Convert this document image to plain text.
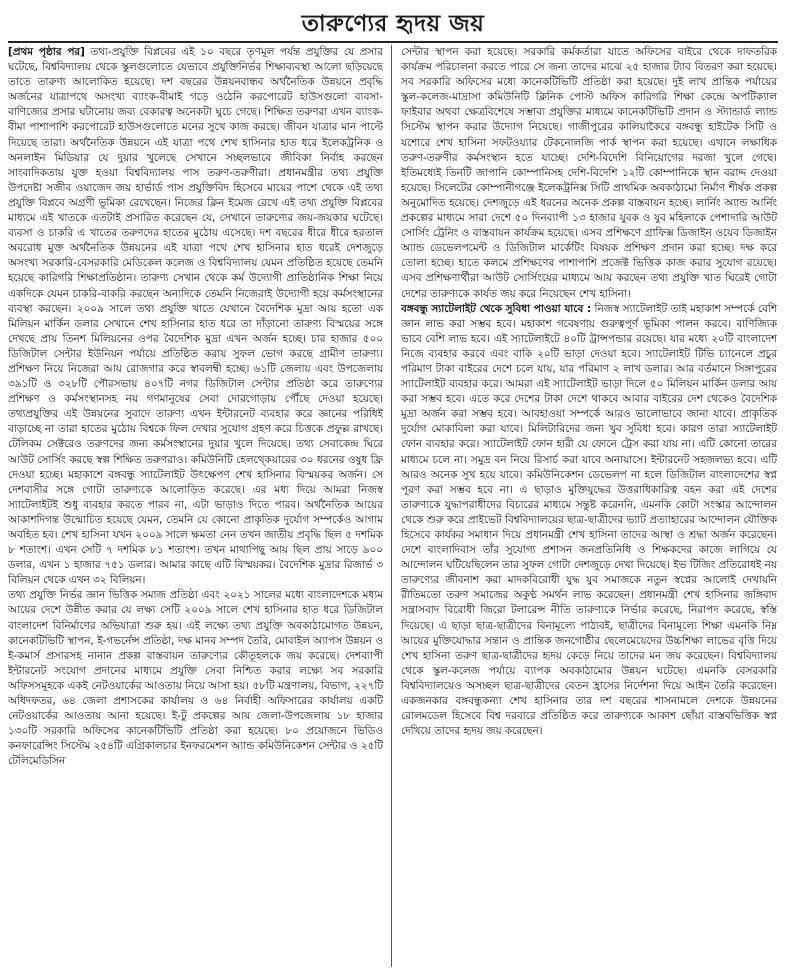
তারুণ্যের হৃদয় জয়

[প্রথম পৃষ্ঠার পর] তথ্য-প্রযুক্তি বিপ্লবের এই ১০ বছরে তৃণমূল পর্যন্ত প্রযুক্তির যে প্রসার ঘটেছে, বিশ্ববিদ্যালয় থেকে স্কুলগুলোতে যেভাবে প্রযুক্তিনির্ভর শিক্ষাব্যবস্থা আলো ছড়িয়েছে তাতে তারুণ্য আলোকিত হয়েছে। দশ বছরের উন্নয়নবান্ধব অর্থনৈতিক উন্নয়নে প্রবৃদ্ধি অর্জনের যাত্রাপথে অসংখ্য ব্যাংক-বীমাই গড়ে ওঠেনি করপোরেট হাউসগুলো ব্যবসা-বাণিজ্যের প্রসার ঘটানোয় জব্য বেকারত্ব অনেকটা ঘুচে গেছে। শিক্ষিত তরুণরা এখন ব্যাংক-বীমা পাশাপাশি করপোরেট হাউসগুলোতে মনের সুখে কাজ করছে। জীবন যাত্রার মান পাল্টে দিয়েছে তারা। অর্থনৈতিক উন্নয়নে এই যাত্রা পথে শেখ হাসিনার হাত ধরে ইলেকট্রনিক ও অনলাইন মিডিয়ার যে দুয়ার খুলেছে সেখানে সচ্ছলভাবে জীবিকা নির্বাহ করছেন সাংবাদিকতায় যুক্ত হওয়া বিশ্ববিদ্যালয় পাস তরুণ-তরুণীরা। প্রধানমন্ত্রীর তথ্য প্রযুক্তি উপদেষ্টা সজীব ওয়াজেদ জয় হার্ভার্ড পাস প্রযুক্তিবিদ হিসেবে মায়ের পাশে থেকে এই তথ্য প্রযুক্তি বিপ্লবে অগ্রণী ভূমিকা রেখেছেন। নিজের ক্লিন ইমেজ রেখে এই তথ্য প্রযুক্তি বিপ্লবের মাধ্যমে এই খাতকে এতটাই প্রসারিত করেছেন যে, সেখানে তারুণ্যের জয়-জয়কার ঘটেছে। ব্যবসা ও চাকরি এ খাতের তরুণদের হাতের মুঠোয় এসেছে। দশ বছরের ধীরে ধীরে হরতাল অবরোধ মুক্ত অর্থনৈতিক উন্নয়নের এই যাত্রা পথে শেখ হাসিনার হাত ধরেই দেশজুড়ে অসংখ্য সরকারি-বেসরকারি মেডিকেল কলেজ ও বিশ্ববিদ্যালয় যেমন প্রতিষ্ঠিত হয়েছে তেমনি হয়েছে কারিগরি শিক্ষাপ্রতিষ্ঠান। তারুণ্য সেখান থেকে কর্ম উদ্যোগী প্রাতিষ্ঠানিক শিক্ষা নিয়ে একদিকে যেমন চাকরি-বাকরি করছেন অন্যদিকে তেমনি নিজেরাই উদ্যোগী হয়ে কর্মসংস্থানের ব্যবস্থা করছেন। ২০০৯ সালে তথ্য প্রযুক্তি খাতে যেখানে বৈদেশিক মুদ্রা আয় হতো এক মিলিয়ন মার্কিন ডলার সেখানে শেখ হাসিনার হাত ধরে তা দাঁড়ানো তারুণ্য বিস্ময়ের সঙ্গে দেখছে প্রায় তিনশ মিলিয়নের ওপর বৈদেশিক মুদ্রা এখন অর্জন হচ্ছে। চার হাজার ৫০০ ডিজিটাল সেন্টার ইউনিয়ন পর্যায়ে প্রতিষ্ঠিত করায় সুফল ভোগ করছে গ্রামীণ তারুণ্য। প্রশিক্ষণ নিয়ে নিজেরা আয় রোজগার করে স্বাবলম্বী হচ্ছে। ৬১টি জেলায় এবং উপজেলায় ৩৯১টি ও ৩২৮টি পৌরসভায় ৪০৭টি নগর ডিজিটাল সেন্টার প্রতিষ্ঠা করে তারুণ্যের প্রশিক্ষণ ও কর্মসংস্থানসহ নয় গণমানুষের সেবা দোরগোড়ায় পৌঁছে দেওয়া হয়েছে। তথ্যপ্রযুক্তির এই উন্নয়নের সুবাদে তারুণ্য এখন ইন্টারনেট ব্যবহার করে জ্ঞানের পরিধিই বাড়াচ্ছে না তারা হাতের মুঠোয় বিশ্বকে ফিল দেখার সুযোগ গ্রহণ করে চিত্তকে প্রফুল্ল রাখছে। টেলিকম সেক্টরেও তরুণদের জন্য কর্মসংস্থানের দুয়ার খুলে দিয়েছে। তথ্য সেবাকেন্দ্র ঘিরে আউট সোর্সিং করছে স্বল্প শিক্ষিত তরুণরাও। কমিউনিটি হেলথ্কেয়ারের ৩০ ধরনের ওষুধ ফ্রি দেওয়া হচ্ছে। মহাকাশে বঙ্গবন্ধু স্যাটেলাইট উৎক্ষেপণ শেখ হাসিনার বিস্ময়কর অর্জন। সে দেশবাসীর সঙ্গে গোটা তারুণ্যকে আলোড়িত করেছে। এর মধ্য দিয়ে আমরা নিজস্ব স্যাটেলাইটই শুধু ব্যবহার করতে পারব না, এটা ভাড়াও দিতে পারব। অর্থনৈতিক আয়ের আকাশদিগন্ত উন্মোচিত হয়েছে যেমন, তেমনি যে কোনো প্রাকৃতিক দুর্যোগ সম্পর্কেও আগাম অবহিত হব। শেখ হাসিনা যখন ২০০৯ সালে ক্ষমতা নেন তখন জাতীয় প্রবৃদ্ধি ছিল ৫ দশমিক ৮ শতাংশ। এখন সেটি ৭ দশমিক ৮১ শতাংশ। তখন মাথাপিছু আয় ছিল প্রায় সাড়ে ৯০০ ডলার, এখন ১ হাজার ৭৫১ ডলার। আমার কাছে এটি বিস্ময়কর। বৈদেশিক মুদ্রার রিজার্ভ ৩ বিলিয়ন থেকে এখন ৩২ বিলিয়ন।

তথ্য প্রযুক্তি নির্ভর জ্ঞান ভিত্তিক সমাজ প্রতিষ্ঠা এবং ২০২১ সালের মধ্যে বাংলাদেশকে মধ্যম আয়ের দেশে উন্নীত করার যে লক্ষ্য সেটি ২০০৯ সালে শেখ হাসিনার হাত ধরে ডিজিটাল বাংলাদেশ বিনির্মাণের অভিযাত্রা শুরু হয়। এই লক্ষ্যে তথ্য প্রযুক্তি অবকাঠামোগত উন্নয়ন, কানেকটিভিটি স্থাপন, ই-গভর্নেন্স প্রতিষ্ঠা, দক্ষ মানব সম্পদ তৈরি, মোবাইল অ্যাপস উন্নয়ন ও ই-কমার্স প্রসারসহ নানান প্রকল্প বাস্তবায়ন তারুণ্যের কৌতূহলকে জয় করেছে। দেশব্যাপী ইন্টারনেট সংযোগ প্রদানের মাধ্যমে প্রযুক্তি সেবা নিশ্চিত করার লক্ষ্যে সব সরকারি অফিসসমূহকে একই নেটওয়ার্কের আওতায় নিয়ে আসা হয়। ৫৮টি মন্ত্রণালয়, বিভাগ, ২২৭টি অধিদফতর, ৬৪ জেলা প্রশাসকের কার্যালয় ও ৬৪ নির্বাহী অফিসারের কার্যালয় একটি নেটওয়ার্কের আওতায় আনা হয়েছে। ই-টু প্রকল্পের আয় জেলা-উপজেলায় ১৮ হাজার ১৩০টি সরকারি অফিসের কানেকটিভিটি প্রতিষ্ঠা করা হয়েছে। ৮০ প্রয়োজনে ভিডিও কনফারেন্সিং সিস্টেম ২৫৪টি এগ্রিকালচার ইনফরমেশন অ্যান্ড কমিউনিকেশন সেন্টার ও ২৫টি টেলিমেডিসিন

সেন্টার স্থাপন করা হয়েছে। সরকারি কর্মকর্তারা যাতে অফিসের বাইরে থেকে দাফতরিক কার্যক্রম পরিচালনা করতে পারে সে জন্য তাদের মাঝে ২৫ হাজার ট্যাব বিতরণ করা হয়েছে। সব সরকারি অফিসের মধ্যে কানেকটিভিটি প্রতিষ্ঠা করা হয়েছে। দুই লাখ প্রান্তিক পর্যায়ের স্কুল-কলেজ-মাদ্রাসা কমিউনিটি ক্লিনিক পোস্ট অফিস কারিগরি শিক্ষা কেন্দ্রে অপটিক্যাল ফাইবার অথবা ক্ষেত্রবিশেষে সম্ভাব্য প্রযুক্তির মাধ্যমে কানেকটিভিটি প্রদান ও স্ট্যান্ডার্ড ল্যান্ড সিস্টেম স্থাপন করার উদ্যোগ নিয়েছে। গাজীপুরের কালিয়াকৈরে বঙ্গবন্ধু হাইটেক সিটি ও যশোরে শেখ হাসিনা সফটওয়্যার টেকনোলজি পার্ক স্থাপন করা হয়েছে। এখানে লক্ষাধিক তরুণ-তরুণীর কর্মসংস্থান হতে যাচ্ছে। দেশি-বিদেশি বিনিয়োগের দরজা খুলে গেছে। ইতিমধ্যেই তিনটি জাপানি কোম্পানিসহ দেশি-বিদেশি ১২টি কোম্পানিকে স্থান বরাদ্দ দেওয়া হয়েছে। সিলেটের কোম্পানীগঞ্জে ইলেকট্রনিক্স সিটি প্রাথমিক অবকাঠামো নির্মাণ শীর্ষক প্রকল্প অনুমোদিত হয়েছে। দেশজুড়ে এই ধরনের অনেক প্রকল্প বাস্তবায়ন হচ্ছে। লার্নিং অ্যান্ড আর্নিং প্রকল্পের মাধ্যমে সারা দেশে ৫০ দিনব্যাপী ১৩ হাজার যুবক ও যুব মহিলাকে পেশাদারি আউট সোর্সিং ট্রেনিং ও বাস্তবায়ন কার্যক্রম হয়েছে। এসব প্রশিক্ষণে গ্রাফিক্স ডিজাইন ওয়েব ডিজাইন অ্যান্ড ডেভেলপমেন্ট ও ডিজিটাল মার্কেটিং বিষয়ক প্রশিক্ষণ প্রদান করা হচ্ছে। দক্ষ করে তোলা হচ্ছে। হাতে কলমে প্রশিক্ষণের পাশাপাশি প্রজেক্ট ভিত্তিক কাজ করার সুযোগ রয়েছে। এসব প্রশিক্ষণার্থীরা আউট সোর্সিংয়ের মাধ্যমে আয় করছেন তথ্য প্রযুক্তি খাত ঘিরেই গোটা দেশের তারুণ্যকে কার্যত জয় করে নিয়েছেন শেখ হাসিনা।

বঙ্গবন্ধু স্যাটেলাইট থেকে সুবিধা পাওয়া যাবে : নিজস্ব স্যাটেলাইট তাই মহাকাশ সম্পর্কে বেশি জ্ঞান লাভ করা সম্ভব হবে। মহাকাশ গবেষণায় গুরুত্বপূর্ণ ভূমিকা পালন করবে। বাণিজ্যিক ভাবে বেশি লাভ হবে। এই স্যাটেলাইটে ৪০টি ট্রান্সপন্ডার রয়েছে। যার মধ্যে ২০টি বাংলাদেশ নিজে ব্যবহার করবে এবং বাকি ২০টি ভাড়া দেওয়া হবে। স্যাটেলাইট টিভি চ্যানেলে প্রচুর পরিমাণ টাকা বাইরের দেশে চলে যায়, যার পরিমাণ ২ লাখ ডলার। আর বর্তমানে সিঙ্গাপুরের স্যাটেলাইট ব্যবহার করে। আমরা এই স্যাটেলাইট ভাড়া দিলে ৫০ মিলিয়ন মার্কিন ডলার আয় করা সম্ভব হবে। এতে করে দেশের টাকা দেশে থাকবে আবার বাইরের দেশ থেকেও বৈদেশিক মুদ্রা অর্জন করা সম্ভব হবে। আবহাওয়া সম্পর্কে আরও ভালোভাবে জানা যাবে। প্রাকৃতিক দুর্যোগ মোকাবিলা করা যাবে। মিলিটারিদের জন্য খুব সুবিধা হবে। কারণ তারা স্যাটেলাইট ফোন ব্যবহার করে। স্যাটেলাইট ফোন হারী যে ফোনে ট্রেস করা যায় না। এটি কোনো তারের মাধ্যমে চলে না। সমুদ্র বন নিয়ে রিসার্চ করা যাবে অনায়াসে। ইন্টারনেট সহজলভ্য হবে। এটি আরও অনেক সুখ হয়ে যাবে। কমিউনিকেশন ডেভেলপ না হলে ডিজিটাল বাংলাদেশের স্বপ্ন পূরণ করা সম্ভব হবে না। এ ছাড়াও মুক্তিযুদ্ধের উত্তরাধিকারিত্ব বহন করা এই দেশের তারুণ্যকে যুদ্ধাপরাধীদের বিচারের মাধ্যমে সন্তুষ্ট করেননি, এমনকি কোটা সংস্কার আন্দোলন থেকে শুরু করে প্রাইভেট বিশ্ববিদ্যালয়ের ছাত্র-ছাত্রীদের ভ্যাট প্রত্যাহারের আন্দোলন যৌক্তিক হিসেবে কার্যকর সমাধান দিয়ে প্রধানমন্ত্রী শেখ হাসিনা তাদের আস্থা ও শ্রদ্ধা অর্জন করেছেন। দেশে বাংলাদিবাস তাঁর সুযোগ্য প্রশাসন জনপ্রতিনিধি ও শিক্ষকদের কাজে লাগিয়ে যে আন্দোলন ঘটিয়েছিলেন তার সুফল গোটা দেশজুড়ে দেখা দিয়েছে। ইভ টিজিং প্রতিরোধই নয় তারুণ্যের জীবনাশ করা মাদকবিরোধী যুদ্ধ যুব সমাজকে নতুন স্বপ্নের আলোই দেখায়নি রীতিমতো তরুণ সমাজের অকুণ্ঠ সমর্থন লাভ করেছেন। প্রধানমন্ত্রী শেখ হাসিনার জঙ্গিবাদ সন্ত্রাসবাদ বিরোধী জিরো টলারেন্স নীতি তারুণ্যকে নির্ভার করেছে, নিরাপদ করেছে, স্বস্তি দিয়েছে। এ ছাড়া ছাত্র-ছাত্রীদের বিনামূল্যে পাঠ্যবই, ছাত্রীদের বিনামূল্যে শিক্ষা এমনকি নিম্ন আয়ের মুক্তিযোদ্ধার সন্তান ও প্রান্তিক জনগোষ্ঠীর ছেলেমেয়েদের উচ্চশিক্ষা লাভের বৃত্তি দিয়ে শেখ হাসিনা তরুণ ছাত্র-ছাত্রীদের হৃদয় কেড়ে নিয়ে তাদের মন জয় করেছেন। বিশ্ববিদ্যালয় থেকে স্কুল-কলেজ পর্যায়ে ব্যাপক অবকাঠামোর উন্নয়ন ঘটেছে। এমনকি বেসরকারি বিশ্ববিদ্যালয়েও অসচ্ছল ছাত্র-ছাত্রীদের বেতন হ্রাসের নির্দেশনা দিয়ে আইন তৈরি করেছেন। একজনকার বঙ্গবন্ধুকন্যা শেখ হাসিনার তার দশ বছরের শাসনামলে দেশকে উন্নয়নের রোলমডেল হিসেবে বিশ্ব দরবারে প্রতিষ্ঠিত করে তারুণ্যকে আকাশ ছোঁয়া বাস্তবভিত্তিক স্বপ্ন দেখিয়ে তাদের হৃদয় জয় করেছেন।
